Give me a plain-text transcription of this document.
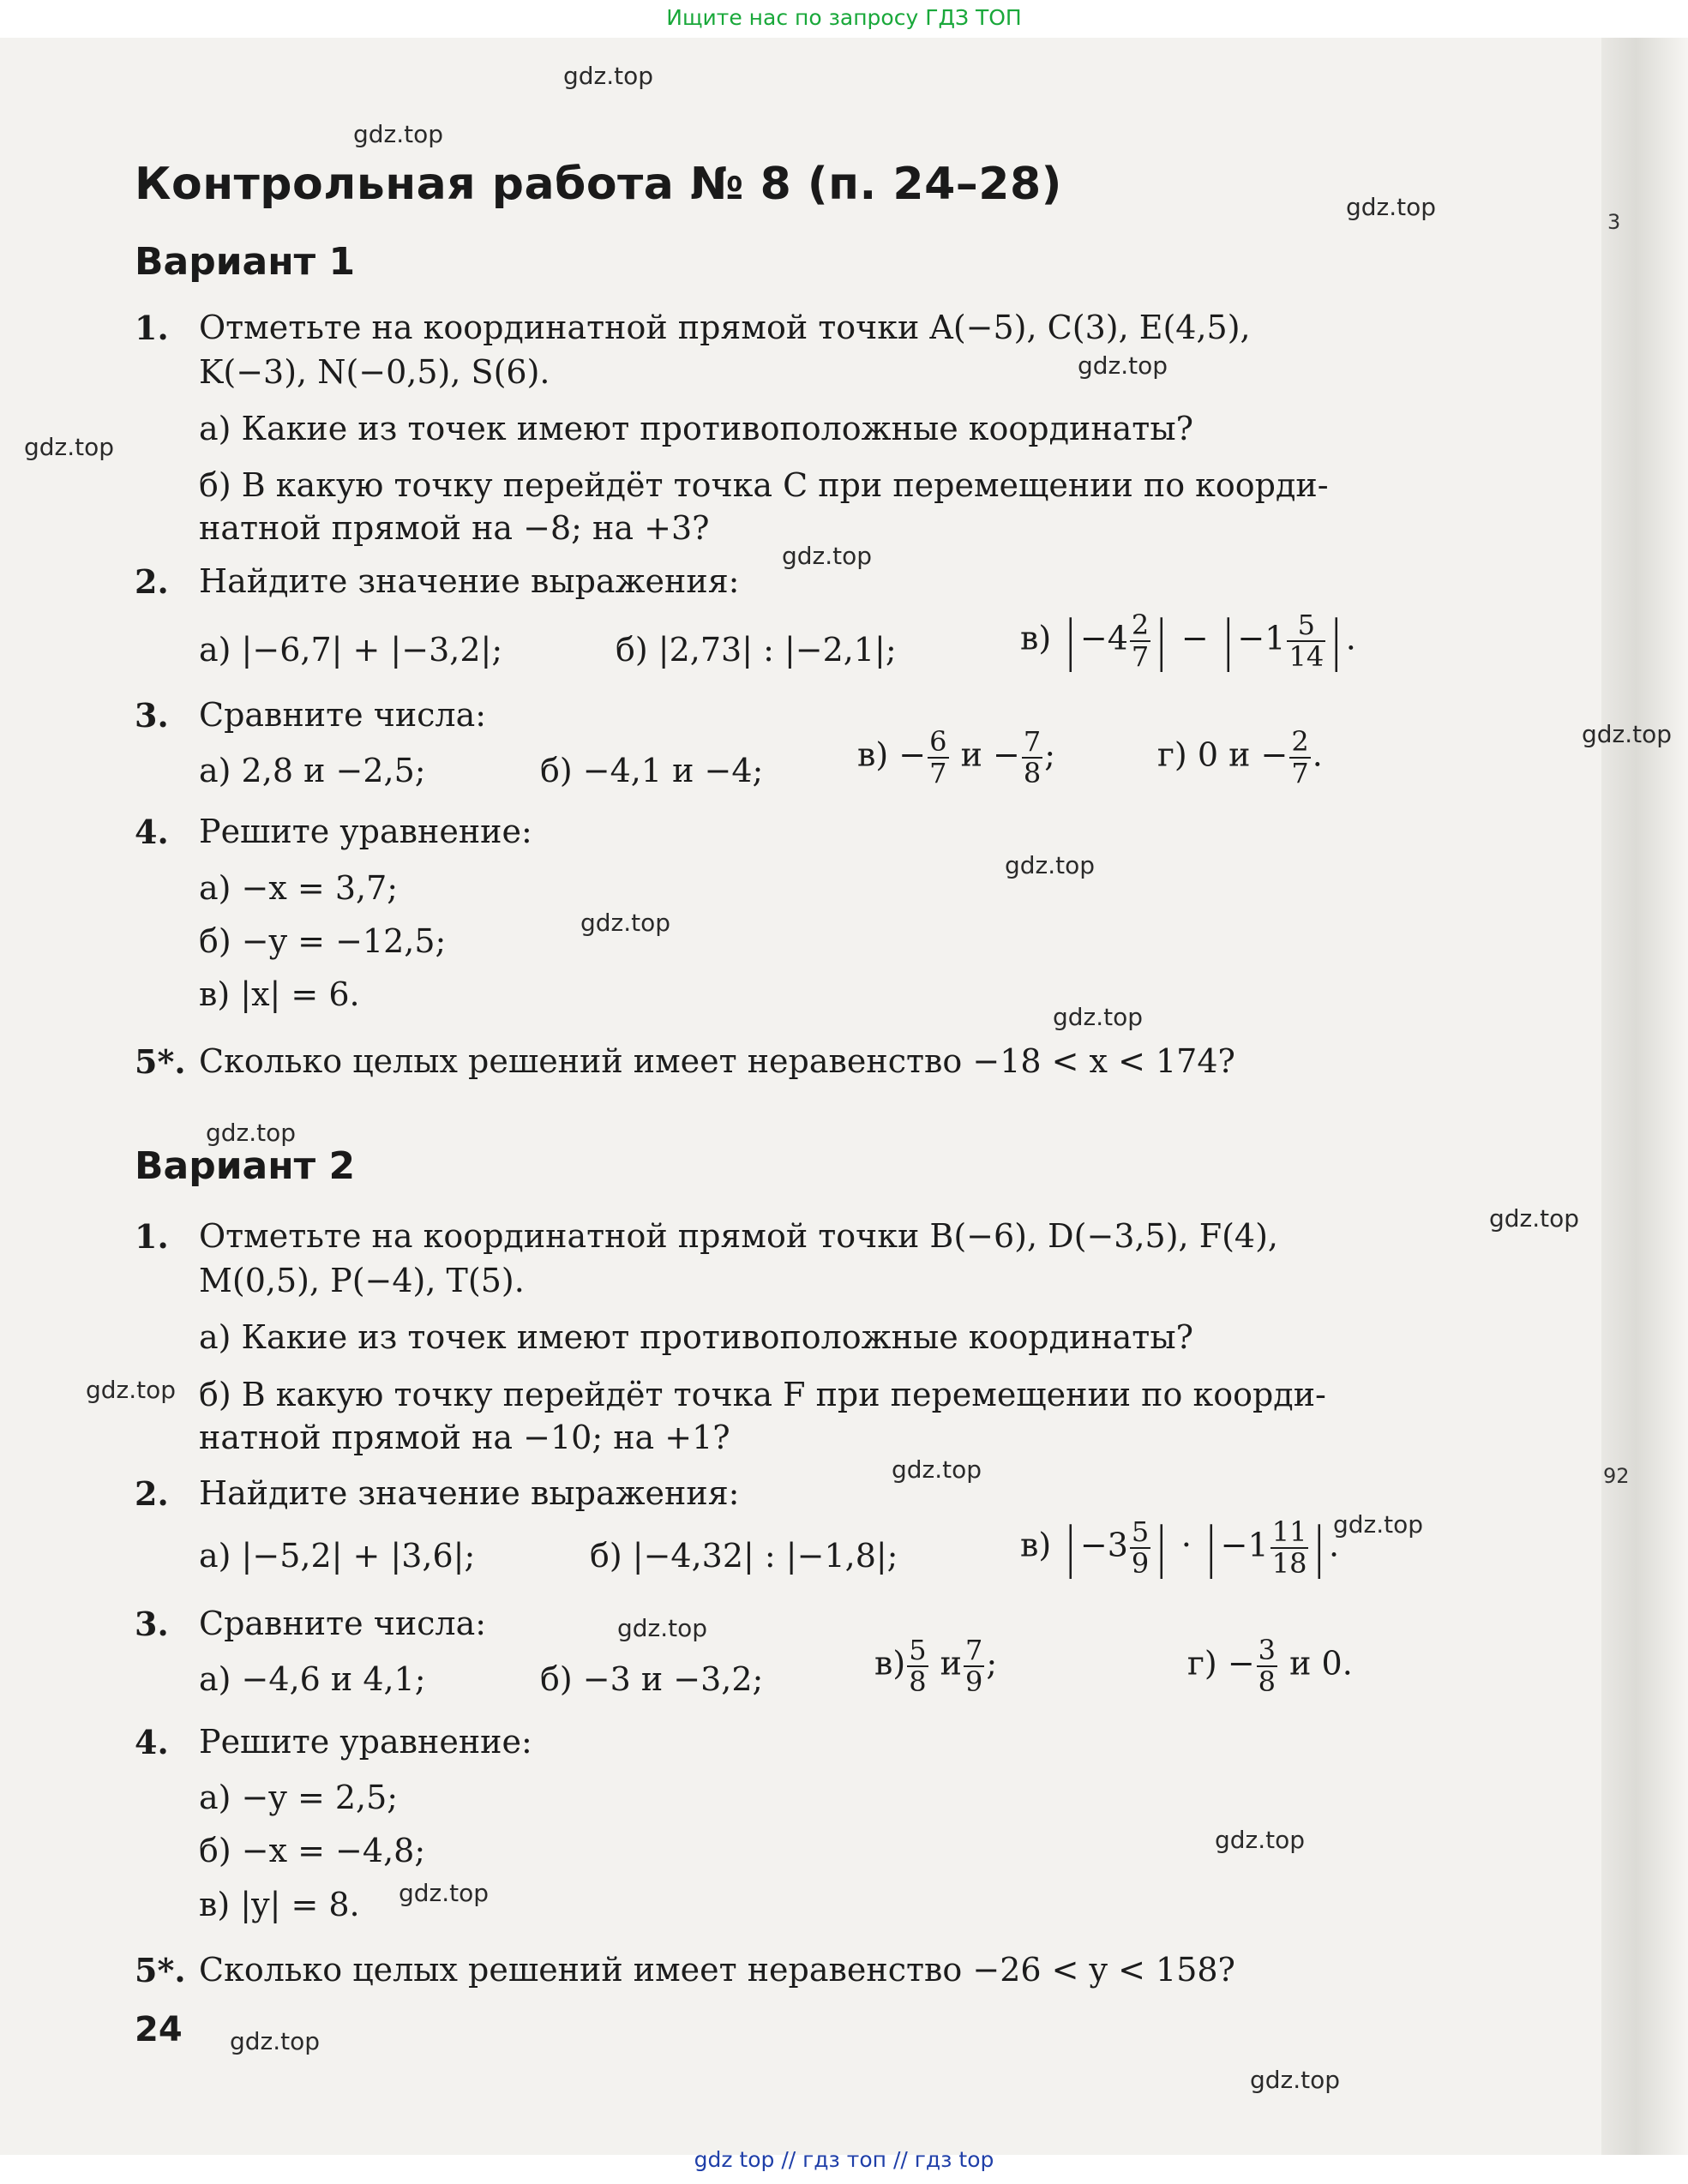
Ищите нас по запросу ГДЗ ТОП
gdz.top
gdz.top
gdz.top
gdz.top
gdz.top
gdz.top
gdz.top
gdz.top
gdz.top
gdz.top
gdz.top
gdz.top
gdz.top
gdz.top
gdz.top
gdz.top
gdz.top
gdz.top
gdz.top
gdz.top
3
92
Контрольная работа № 8 (п. 24–28)
Вариант 1
1. Отметьте на координатной прямой точки A(−5), C(3), E(4,5),
K(−3), N(−0,5), S(6).
а) Какие из точек имеют противоположные координаты?
б) В какую точку перейдёт точка C при перемещении по коорди-
натной прямой на −8; на +3?
2. Найдите значение выражения:
а) |−6,7| + |−3,2|;	б) |2,73| : |−2,1|;	в) | $-4 \frac{2}{7}$ | − | $-1 \frac{5}{14}$ | .
3. Сравните числа:
а) 2,8 и −2,5;	б) −4,1 и −4;	$в) - \frac{6}{7}$ $и - \frac{7}{8}$ ;	г) 0 $и - \frac{2}{7}$ .
4. Решите уравнение:
а) −x = 3,7;
б) −y = −12,5;
в) |x| = 6.
5*. Сколько целых решений имеет неравенство −18 < x < 174?
Вариант 2
1. Отметьте на координатной прямой точки B(−6), D(−3,5), F(4),
M(0,5), P(−4), T(5).
а) Какие из точек имеют противоположные координаты?
б) В какую точку перейдёт точка F при перемещении по коорди-
натной прямой на −10; на +1?
2. Найдите значение выражения:
а) |−5,2| + |3,6|;	б) |−4,32| : |−1,8|;	в) | $-3 \frac{5}{9}$ | · | $-1 \frac{11}{18}$ | .
3. Сравните числа:
а) −4,6 и 4,1;	б) −3 и −3,2;	$в) \frac{5}{8}$ и $\frac{7}{9}$ ;	$г) - \frac{3}{8}$ и 0.
4. Решите уравнение:
а) −y = 2,5;
б) −x = −4,8;
в) |y| = 8.
5*. Сколько целых решений имеет неравенство −26 < y < 158?
24
gdz top // гдз топ // гдз top
